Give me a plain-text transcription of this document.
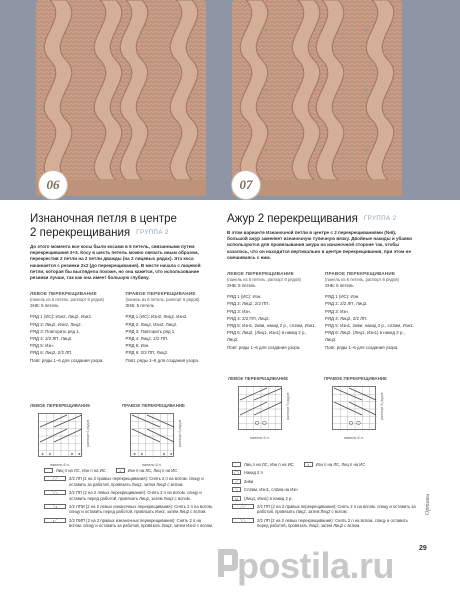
06	07
Изнаночная петля в центре
2 перекрещивания ГРУППА 2
До этого момента все косы были косами в 6 петель, связанными путем перекрещивания 3+3. Косу в шесть петель можно связать иным образом, перекрестив 2 петли на 2 петли дважды (на 2 лицевых рядах). Эта коса начинается с резинки 2х2 (до перекрещивания). В месте начала с лицевой петли, которая бы выглядела похоже, но она кажется, что использование резинки лучше, так как она имеет большую глубину.
ЛЕВОЕ ПЕРЕКРЕЩИВАНИЕ
(панель из 6 петель, раппорт 6 рядов)
ЗНБ: 5 петель
РЯД 1 (ИС): Изн2, Лиц2, Изн2.
РЯД 2: Лиц2, Изн2, Лиц2.
РЯД 3: Повторить ряд 1.
РЯД 4: 2/2 ЛП, Лиц2.
РЯД 5: Изн.
РЯД 6: Лиц2, 2/2 ЛП.
Повт. ряды 1–6 для создания узора.
ПРАВОЕ ПЕРЕКРЕЩИВАНИЕ
(панель из 6 петель, раппорт 6 рядов)
ЗНБ: 5 петель
РЯД 1 (ИС): Изн2, Лиц2, Изн2.
РЯД 2: Лиц2, Изн2, Лиц2.
РЯД 3: Повторить ряд 1.
РЯД 4: Лиц2, 2/2 ПП.
РЯД 5: Изн.
РЯД 6: 2/2 ПП, Лиц2.
Повт. ряды 1–6 для создания узора.
ЛЕВОЕ ПЕРЕКРЕЩИВАНИЕ	ПРАВОЕ ПЕРЕКРЕЩИВАНИЕ
раппорт 6 рядов
панель 6 п.
раппорт 6 рядов
панель 6 п.
Лиц п на ЛС, Изн п на ИС	•	Изн п на ЛС, Лиц п на ИС
⟋⟋	2/2 ЛП (2 на 2 правых перекрещивания): Снять 2 п на вспом. спицу и оставить за работой, провязать Лиц2, затем Лиц2 с вспом.
⟍⟍	2/2 ПП (2 на 2 левых перекрещивания): Снять 2 п на вспом. спицу и оставить перед работой, провязать Лиц2, затем Лиц2 с вспом.
⟍•	2/2 ЛПИ (2 на 2 левых изнаночных перекрещивания): Снять 2 п на вспом. спицу и оставить перед работой, провязать Изн2, затем Лиц2 с вспом.
•⟋	2/2 ПИП (2 на 2 правых изнаночных перекрещивания): Снять 2 п на вспом. спицу и оставить за работой, провязать Лиц2, затем Изн2 с вспом.
Ажур 2 перекрещивания ГРУППА 2
В этом варианте Изнаночной петли в центре с 2 перекрещиваниями (№6), большой ажур заменяет изнаночную тупичную вязку. Двойные накиды и убавки используются для провязывания ажура на изнаночной стороне так, чтобы казалось, что он находится вертикально в центре перекрещивания, при этом не смешиваясь с ним.
ЛЕВОЕ ПЕРЕКРЕЩИВАНИЕ
(панель из 6 петель, раппорт 6 рядов)
ЗНБ: 5 петель
РЯД 1 (ИС): Изн.
РЯД 2: Лиц2, 2/2 ПП.
РЯД 3: Изн.
РЯД 4: 2/2 ПП, Лиц2.
РЯД 5: Изн1, 2иви, накид 2 р., сл2им, Изн1.
РЯД 6: Лиц2, (Лиц1, Изн1) в накид 2 р., Лиц2.
Повт. ряды 1–6 для создания узора.
ПРАВОЕ ПЕРЕКРЕЩИВАНИЕ
(панель из 6 петель, раппорт 6 рядов)
ЗНБ: 5 петель
РЯД 1 (ИС): Изн.
РЯД 2: 2/2 ЛП, Лиц2.
РЯД 3: Изн.
РЯД 4: Лиц2, 2/2 ЛП.
РЯД 5: Изн1, 2иви, накид 2 р., сл2им, Изн1.
РЯД 6: Лиц2, (Лиц1, Изн1) в накид 2 р., Лиц2.
Повт. ряды 1–6 для создания узора.
ЛЕВОЕ ПЕРЕКРЕЩИВАНИЕ	ПРАВОЕ ПЕРЕКРЕЩИВАНИЕ
раппорт 6 рядов
панель 6 п.
раппорт 6 рядов
панель 6 п.
Лиц п на ЛС, Изн п на ИС	•	Изн п на ЛС, Лиц п на ИС
◯	Накид 2 п
⟋	2иви
⟍	Сл2им, Изн1, сл2им на Изн
∪	(Лиц1, Изн1) в накид 2 р.
⟋⟋	2/2 ПП (2 на 2 правых перекрещивания): Снять 2 п на вспом. спицу и оставить за работой, провязать Лиц2, затем Лиц2 с вспом.
⟍⟍	2/2 ЛП (2 на 2 левых перекрещивания): Снять 2 п на вспом. спицу и оставить перед работой, провязать Лиц2, затем Лиц2 с вспом.
Ортавы
29
postila.ru
